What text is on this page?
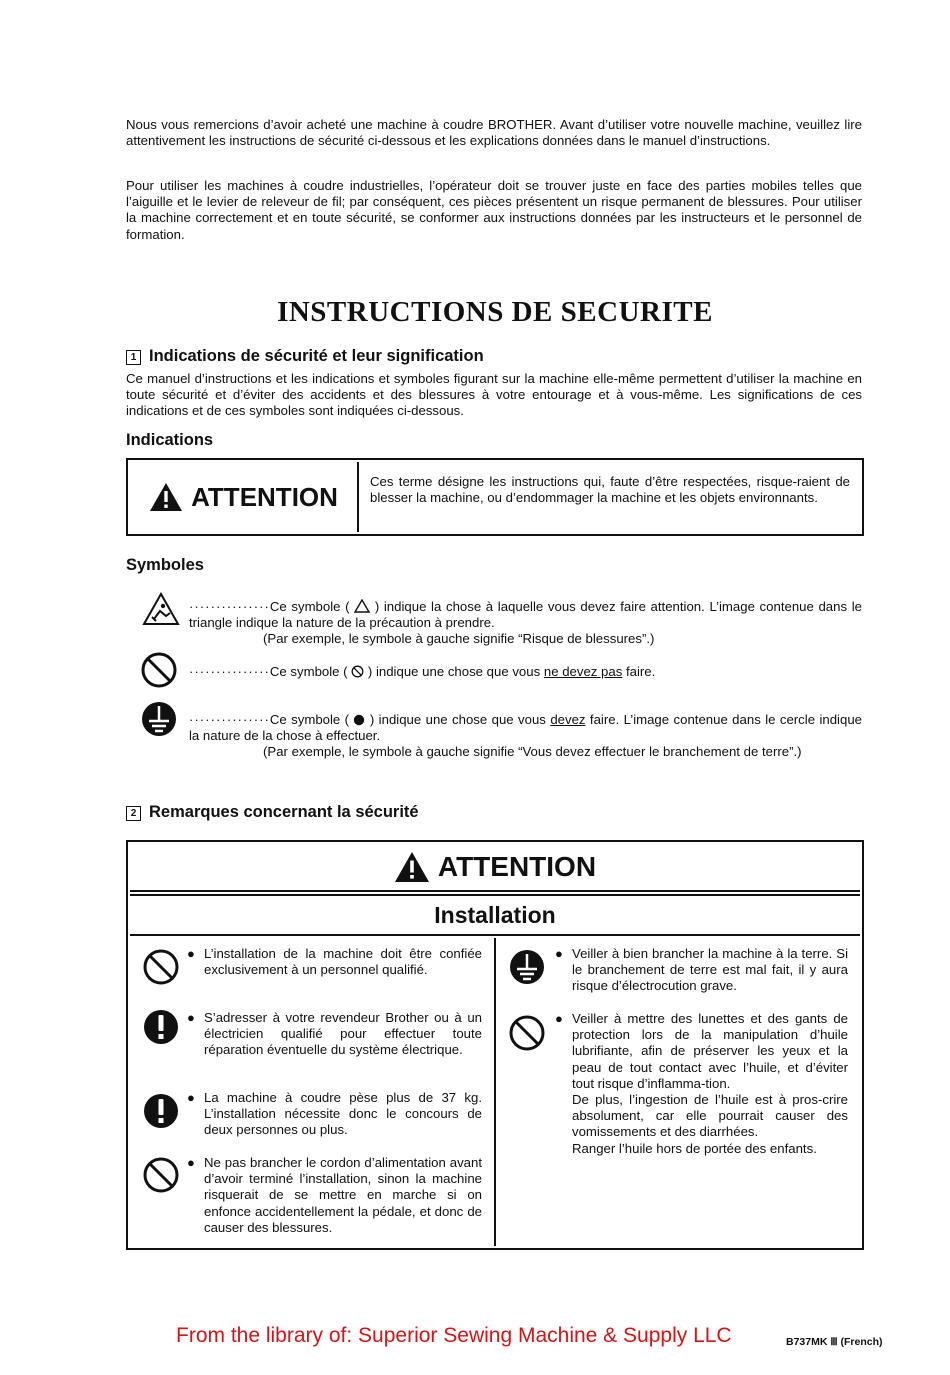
Nous vous remercions d’avoir acheté une machine à coudre BROTHER. Avant d’utiliser votre nouvelle machine, veuillez lire attentivement les instructions de sécurité ci-dessous et les explications données dans le manuel d’instructions.

Pour utiliser les machines à coudre industrielles, l’opérateur doit se trouver juste en face des parties mobiles telles que l’aiguille et le levier de releveur de fil; par conséquent, ces pièces présentent un risque permanent de blessures. Pour utiliser la machine correctement et en toute sécurité, se conformer aux instructions données par les instructeurs et le personnel de formation.

INSTRUCTIONS DE SECURITE
1 Indications de sécurité et leur signification

Ce manuel d’instructions et les indications et symboles figurant sur la machine elle-même permettent d’utiliser la machine en toute sécurité et d’éviter des accidents et des blessures à votre entourage et à vous-même. Les significations de ces indications et de ces symboles sont indiquées ci-dessous.

Indications
ATTENTION Ces terme désigne les instructions qui, faute d’être respectées, risque-raient de blesser la machine, ou d’endommager la machine et les objets environnants.
Symboles
···············Ce symbole (  ) indique la chose à laquelle vous devez faire attention. L’image contenue dans le triangle indique la nature de la précaution à prendre.
(Par exemple, le symbole à gauche signifie “Risque de blessures”.)
···············Ce symbole (  ) indique une chose que vous ne devez pas faire.
···············Ce symbole (  ) indique une chose que vous devez faire. L’image contenue dans le cercle indique la nature de la chose à effectuer.

(Par exemple, le symbole à gauche signifie “Vous devez effectuer le branchement de terre”.)
2 Remarques concernant la sécurité
ATTENTION
Installation
● L’installation de la machine doit être confiée exclusivement à un personnel qualifié.
● S’adresser à votre revendeur Brother ou à un électricien qualifié pour effectuer toute réparation éventuelle du système électrique.
● La machine à coudre pèse plus de 37 kg. L’installation nécessite donc le concours de deux personnes ou plus.
● Ne pas brancher le cordon d’alimentation avant d’avoir terminé l’installation, sinon la machine risquerait de se mettre en marche si on enfonce accidentellement la pédale, et donc de causer des blessures.
● Veiller à bien brancher la machine à la terre. Si le branchement de terre est mal fait, il y aura risque d’électrocution grave.
● Veiller à mettre des lunettes et des gants de protection lors de la manipulation d’huile lubrifiante, afin de préserver les yeux et la peau de tout contact avec l’huile, et d’éviter tout risque d’inflamma-tion.
De plus, l’ingestion de l’huile est à pros-crire absolument, car elle pourrait causer des vomissements et des diarrhées.
Ranger l’huile hors de portée des enfants.
From the library of: Superior Sewing Machine & Supply LLC	B737MK Ⅲ (French)
